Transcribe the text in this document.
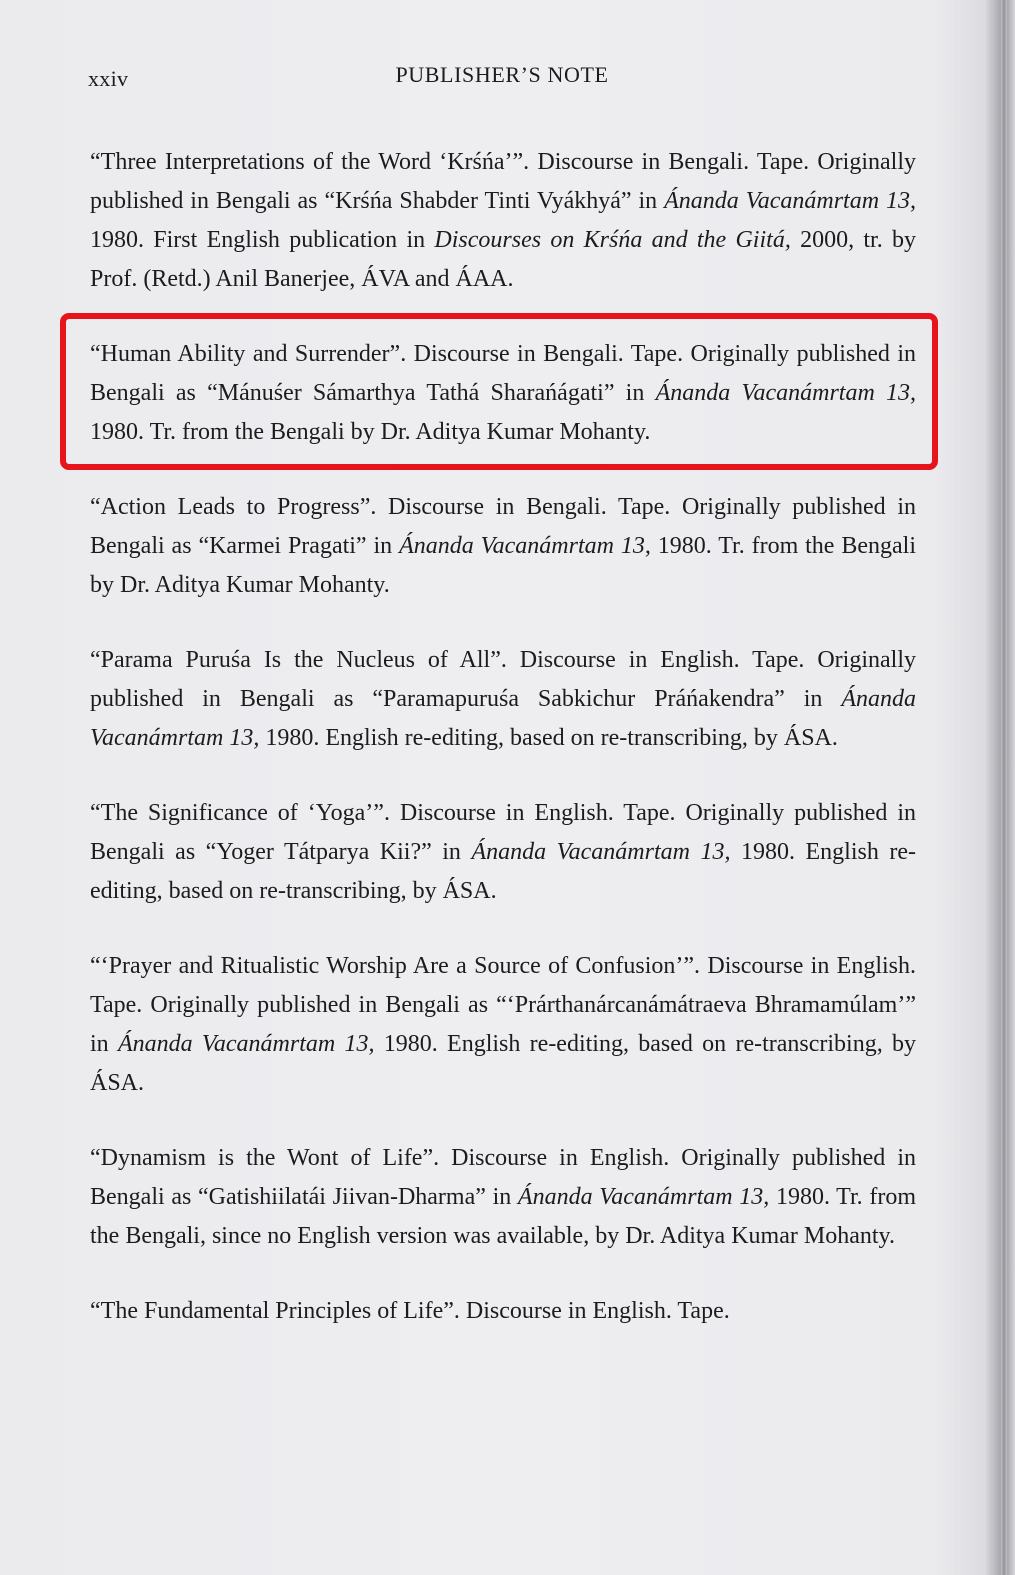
xxiv	PUBLISHER’S NOTE

“Three Interpretations of the Word ‘Krśńa’”. Discourse in Bengali. Tape. Originally published in Bengali as “Krśńa Shabder Tinti Vyákhyá” in Ánanda Vacanámrtam 13, 1980. First English publication in Discourses on Krśńa and the Giitá, 2000, tr. by Prof. (Retd.) Anil Banerjee, ÁVA and ÁAA.

“Human Ability and Surrender”. Discourse in Bengali. Tape. Originally published in Bengali as “Mánuśer Sámarthya Tathá Sharańágati” in Ánanda Vacanámrtam 13, 1980. Tr. from the Bengali by Dr. Aditya Kumar Mohanty.

“Action Leads to Progress”. Discourse in Bengali. Tape. Originally published in Bengali as “Karmei Pragati” in Ánanda Vacanámrtam 13, 1980. Tr. from the Bengali by Dr. Aditya Kumar Mohanty.

“Parama Puruśa Is the Nucleus of All”. Discourse in English. Tape. Originally published in Bengali as “Paramapuruśa Sabkichur Práńakendra” in Ánanda Vacanámrtam 13, 1980. English re-editing, based on re-transcribing, by ÁSA.

“The Significance of ‘Yoga’”. Discourse in English. Tape. Originally published in Bengali as “Yoger Tátparya Kii?” in Ánanda Vacanámrtam 13, 1980. English re-editing, based on re-transcribing, by ÁSA.

“‘Prayer and Ritualistic Worship Are a Source of Confusion’”. Discourse in English. Tape. Originally published in Bengali as “‘Prárthanárcanámátraeva Bhramamúlam’” in Ánanda Vacanámrtam 13, 1980. English re-editing, based on re-transcribing, by ÁSA.

“Dynamism is the Wont of Life”. Discourse in English. Originally published in Bengali as “Gatishiilatái Jiivan-Dharma” in Ánanda Vacanámrtam 13, 1980. Tr. from the Bengali, since no English version was available, by Dr. Aditya Kumar Mohanty.

“The Fundamental Principles of Life”. Discourse in English. Tape.
